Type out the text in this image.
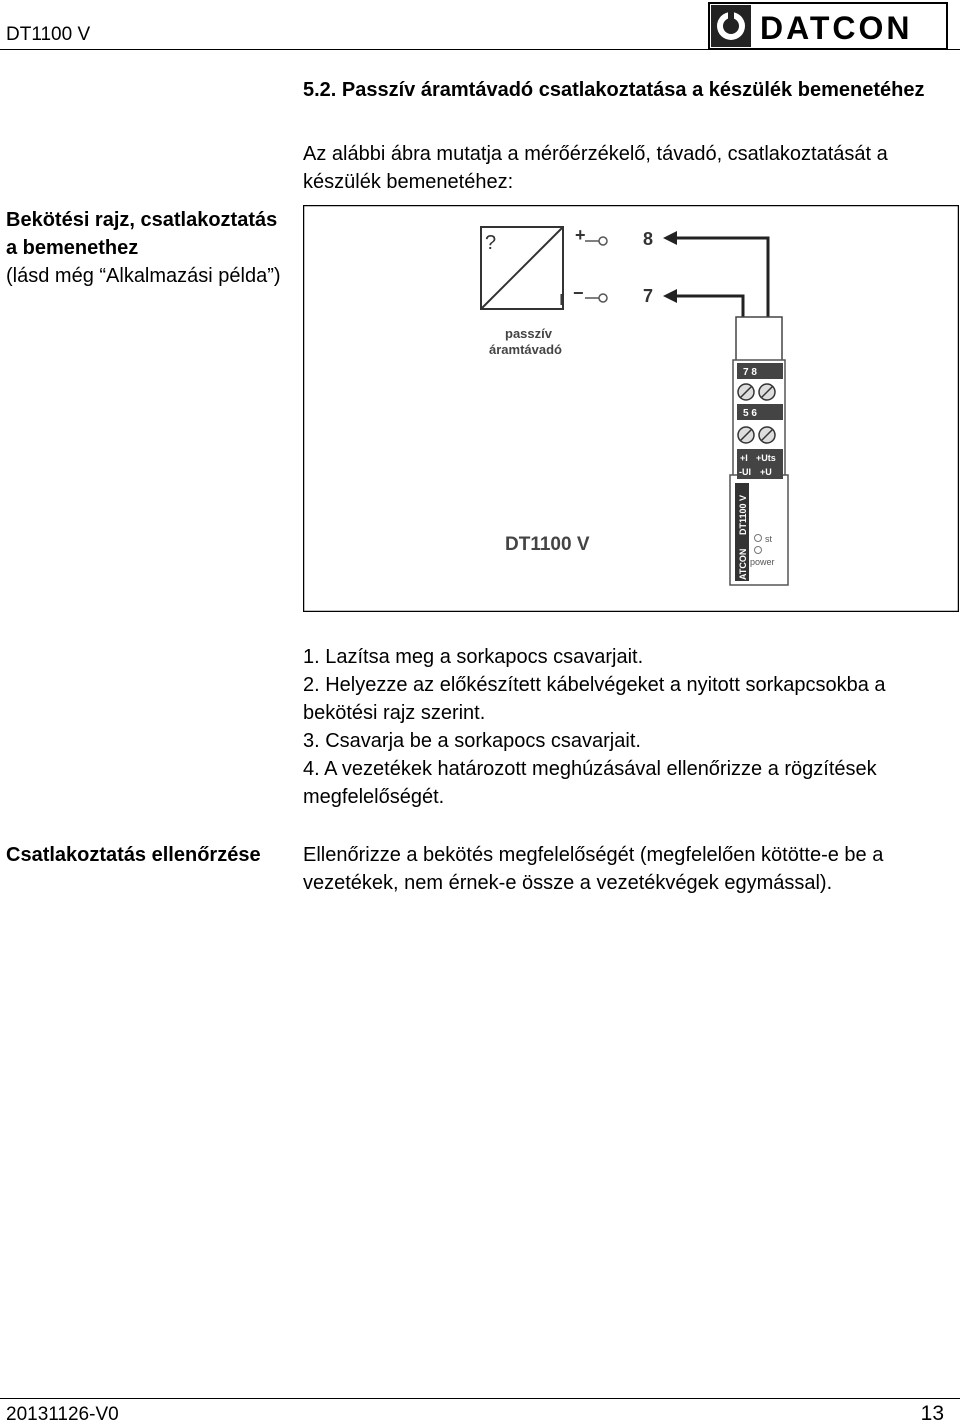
DT1100 V	DATCON
5.2. Passzív áramtávadó csatlakoztatása a készülék bemenetéhez
Az alábbi ábra mutatja a mérőérzékelő, távadó, csatlakoztatását a készülék bemenetéhez:
Bekötési rajz, csatlakoztatás a bemenethez
(lásd még “Alkalmazási példa”)
?
I
+
−
passzív
áramtávadó
8
7
7 8
5 6
+I +Uts
-UI +U
DT1100 V
ATCON
st
power
DT1100 V
1. Lazítsa meg a sorkapocs csavarjait.
2. Helyezze az előkészített kábelvégeket a nyitott sorkapcsokba a bekötési rajz szerint.
3. Csavarja be a sorkapocs csavarjait.
4. A vezetékek határozott meghúzásával ellenőrizze a rögzítések megfelelőségét.
Csatlakoztatás ellenőrzése	Ellenőrizze a bekötés megfelelőségét (megfelelően kötötte-e be a vezetékek, nem érnek-e össze a vezetékvégek egymással).
20131126-V0	13
